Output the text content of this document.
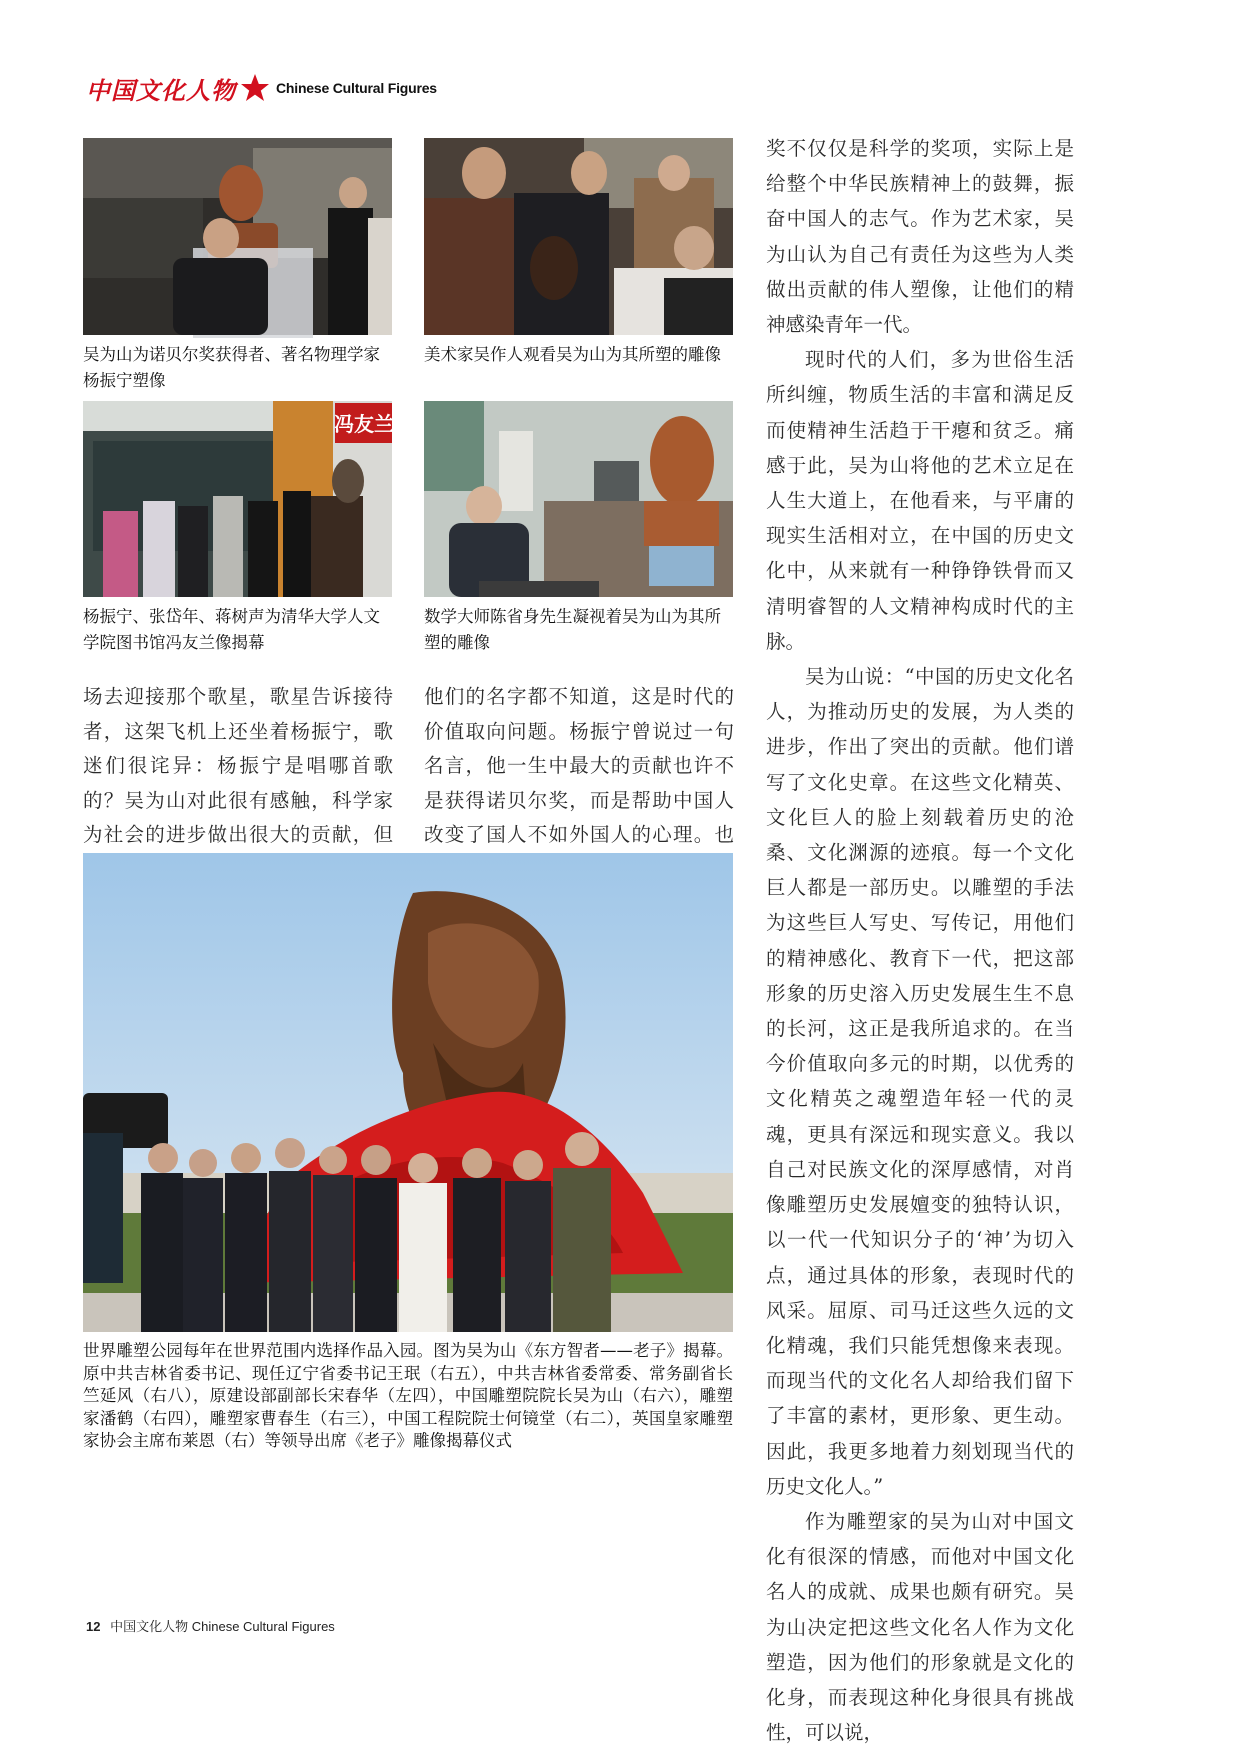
中国文化人物	Chinese Cultural Figures
吴为山为诺贝尔奖获得者、著名物理学家杨振宁塑像
美术家吴作人观看吴为山为其所塑的雕像
冯友兰
杨振宁、张岱年、蒋树声为清华大学人文学院图书馆冯友兰像揭幕
数学大师陈省身先生凝视着吴为山为其所塑的雕像

场去迎接那个歌星，歌星告诉接待者，这架飞机上还坐着杨振宁，歌迷们很诧异：杨振宁是唱哪首歌的？吴为山对此很有感触，科学家为社会的进步做出很大的贡献，但

他们的名字都不知道，这是时代的价值取向问题。杨振宁曾说过一句名言，他一生中最大的贡献也许不是获得诺贝尔奖，而是帮助中国人改变了国人不如外国人的心理。也

世界雕塑公园每年在世界范围内选择作品入园。图为吴为山《东方智者——老子》揭幕。原中共吉林省委书记、现任辽宁省委书记王珉（右五），中共吉林省委常委、常务副省长竺延风（右八），原建设部副部长宋春华（左四），中国雕塑院院长吴为山（右六），雕塑家潘鹤（右四），雕塑家曹春生（右三），中国工程院院士何镜堂（右二），英国皇家雕塑家协会主席布莱恩（右）等领导出席《老子》雕像揭幕仪式

奖不仅仅是科学的奖项，实际上是给整个中华民族精神上的鼓舞，振奋中国人的志气。作为艺术家，吴为山认为自己有责任为这些为人类做出贡献的伟人塑像，让他们的精神感染青年一代。

现时代的人们，多为世俗生活所纠缠，物质生活的丰富和满足反而使精神生活趋于干瘪和贫乏。痛感于此，吴为山将他的艺术立足在人生大道上，在他看来，与平庸的现实生活相对立，在中国的历史文化中，从来就有一种铮铮铁骨而又清明睿智的人文精神构成时代的主脉。

吴为山说：“中国的历史文化名人，为推动历史的发展，为人类的进步，作出了突出的贡献。他们谱写了文化史章。在这些文化精英、文化巨人的脸上刻载着历史的沧桑、文化渊源的迹痕。每一个文化巨人都是一部历史。以雕塑的手法为这些巨人写史、写传记，用他们的精神感化、教育下一代，把这部形象的历史溶入历史发展生生不息的长河，这正是我所追求的。在当今价值取向多元的时期，以优秀的文化精英之魂塑造年轻一代的灵魂，更具有深远和现实意义。我以自己对民族文化的深厚感情，对肖像雕塑历史发展嬗变的独特认识，以一代一代知识分子的‘神’为切入点，通过具体的形象，表现时代的风采。屈原、司马迁这些久远的文化精魂，我们只能凭想像来表现。而现当代的文化名人却给我们留下了丰富的素材，更形象、更生动。因此，我更多地着力刻划现当代的历史文化人。”

作为雕塑家的吴为山对中国文化有很深的情感，而他对中国文化名人的成就、成果也颇有研究。吴为山决定把这些文化名人作为文化塑造，因为他们的形象就是文化的化身，而表现这种化身很具有挑战性，可以说，

12 中国文化人物 Chinese Cultural Figures
